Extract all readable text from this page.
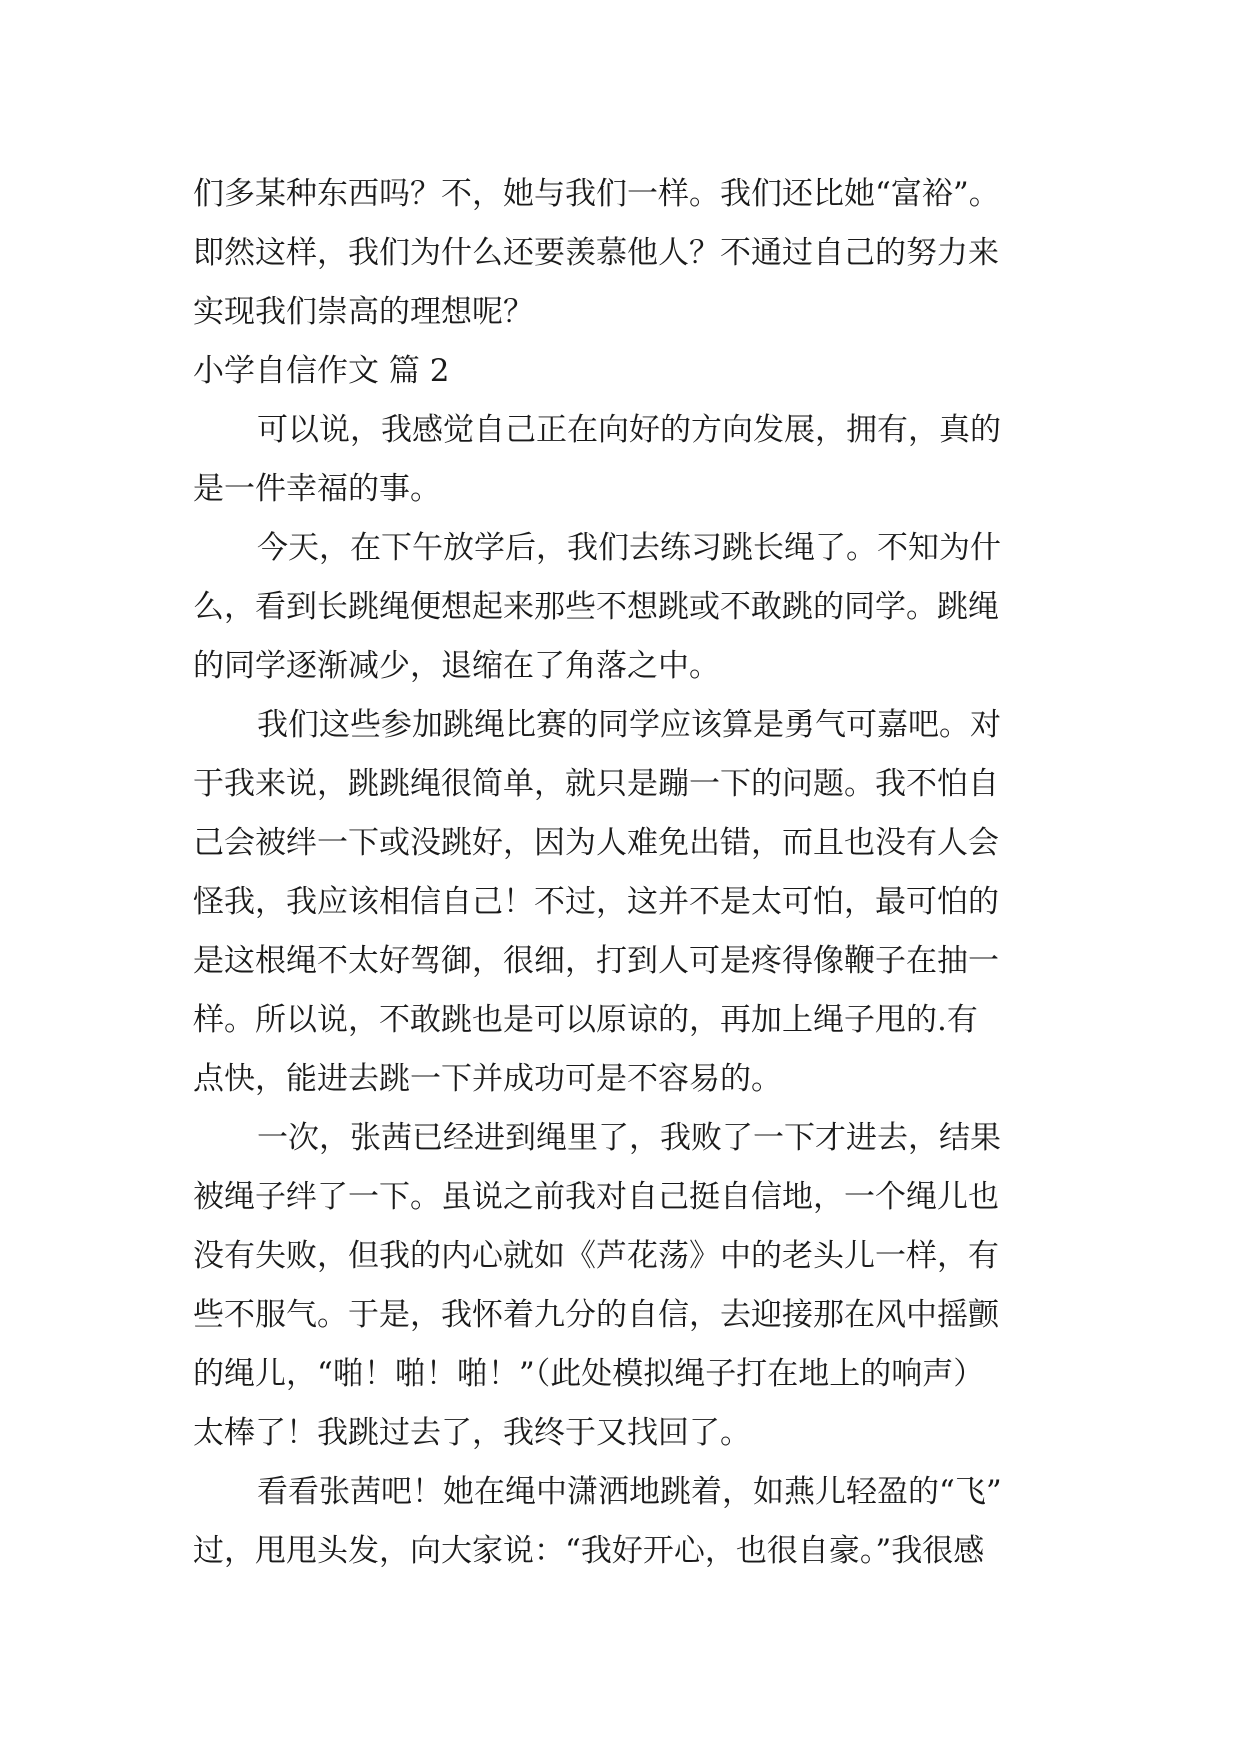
们多某种东西吗？不，她与我们一样。我们还比她“富裕”。
即然这样，我们为什么还要羡慕他人？不通过自己的努力来
实现我们崇高的理想呢？
小学自信作文 篇 2
可以说，我感觉自己正在向好的方向发展，拥有，真的
是一件幸福的事。
今天，在下午放学后，我们去练习跳长绳了。不知为什
么，看到长跳绳便想起来那些不想跳或不敢跳的同学。跳绳
的同学逐渐减少，退缩在了角落之中。
我们这些参加跳绳比赛的同学应该算是勇气可嘉吧。对
于我来说，跳跳绳很简单，就只是蹦一下的问题。我不怕自
己会被绊一下或没跳好，因为人难免出错，而且也没有人会
怪我，我应该相信自己！不过，这并不是太可怕，最可怕的
是这根绳不太好驾御，很细，打到人可是疼得像鞭子在抽一
样。所以说，不敢跳也是可以原谅的，再加上绳子甩的.有
点快，能进去跳一下并成功可是不容易的。
一次，张茜已经进到绳里了，我败了一下才进去，结果
被绳子绊了一下。虽说之前我对自己挺自信地，一个绳儿也
没有失败，但我的内心就如《芦花荡》中的老头儿一样，有
些不服气。于是，我怀着九分的自信，去迎接那在风中摇颤
的绳儿，“啪！啪！啪！”（此处模拟绳子打在地上的响声）
太棒了！我跳过去了，我终于又找回了。
看看张茜吧！她在绳中潇洒地跳着，如燕儿轻盈的“飞”
过，甩甩头发，向大家说：“我好开心，也很自豪。”我很感
